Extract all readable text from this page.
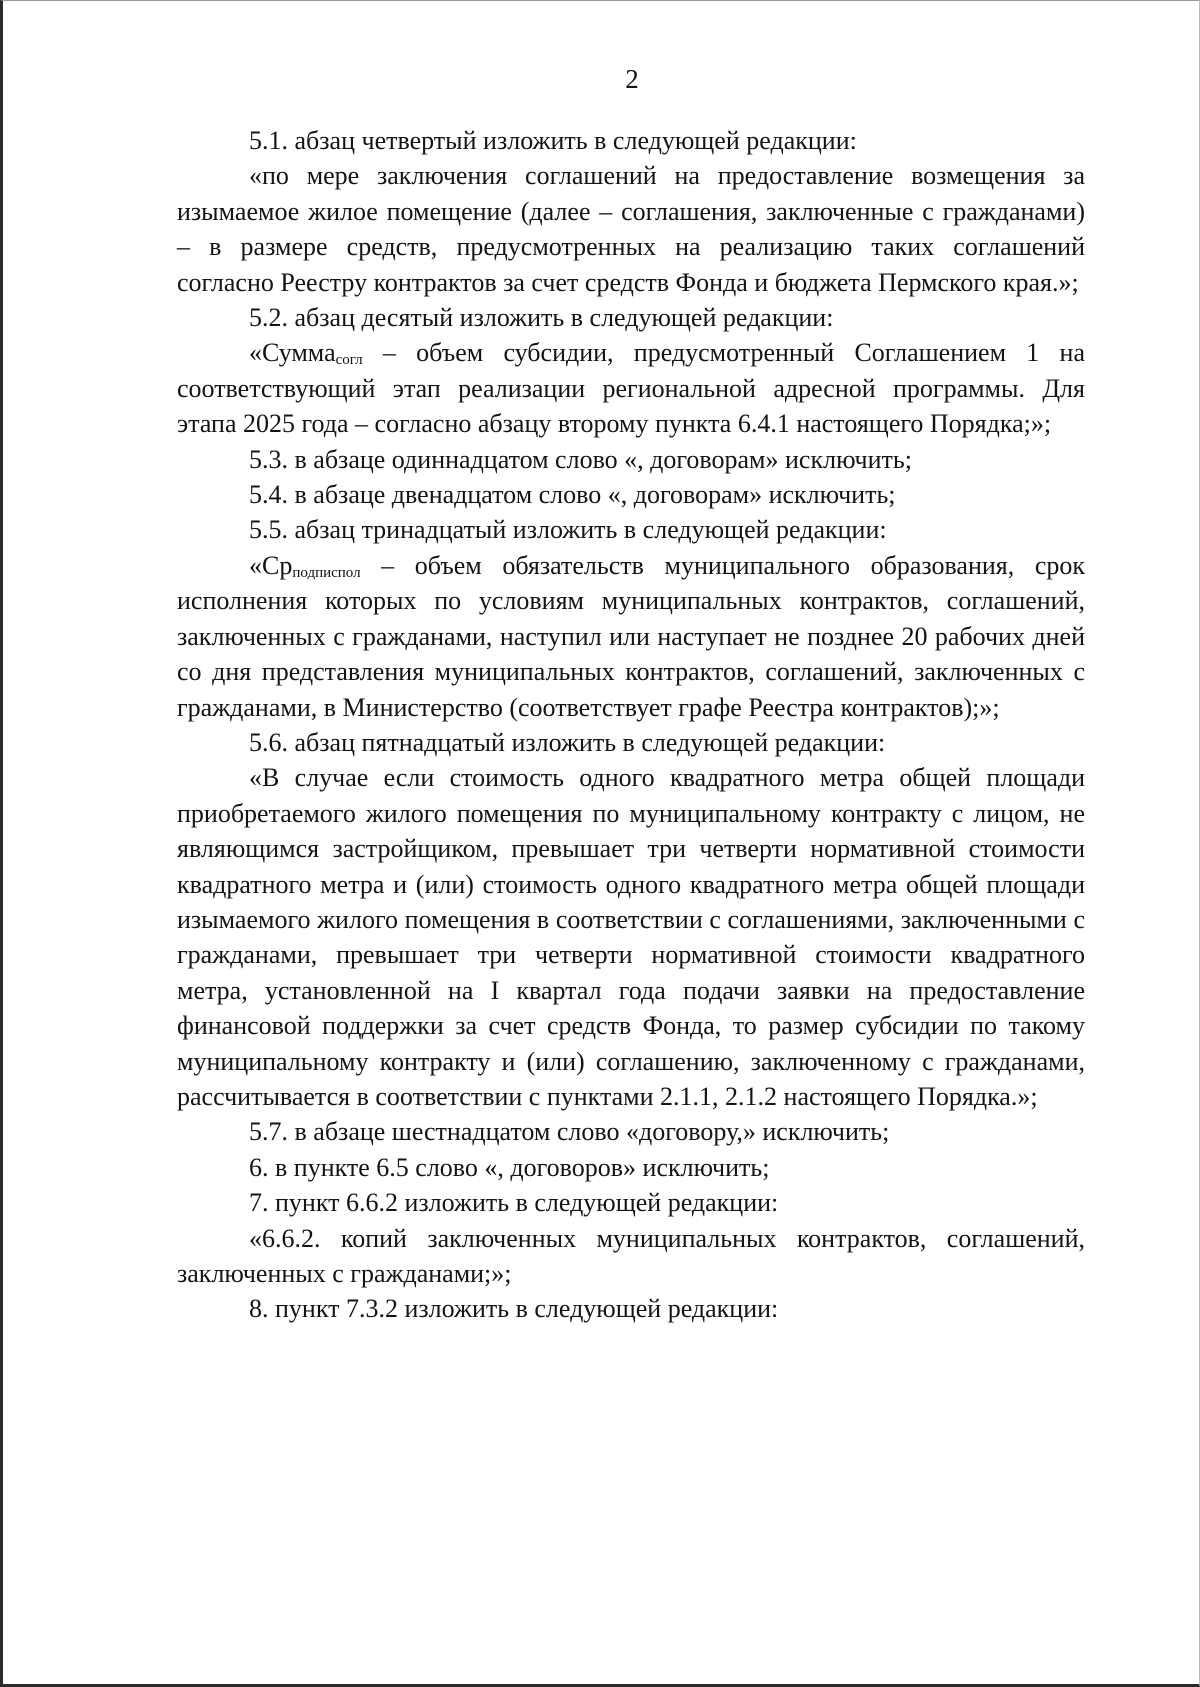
2

5.1. абзац четвертый изложить в следующей редакции:

«по мере заключения соглашений на предоставление возмещения за изымаемое жилое помещение (далее – соглашения, заключенные с гражданами) – в размере средств, предусмотренных на реализацию таких соглашений согласно Реестру контрактов за счет средств Фонда и бюджета Пермского края.»;

5.2. абзац десятый изложить в следующей редакции:

«Сумма$_{согл}$ – объем субсидии, предусмотренный Соглашением 1 на соответствующий этап реализации региональной адресной программы. Для этапа 2025 года – согласно абзацу второму пункта 6.4.1 настоящего Порядка;»;

5.3. в абзаце одиннадцатом слово «, договорам» исключить;

5.4. в абзаце двенадцатом слово «, договорам» исключить;

5.5. абзац тринадцатый изложить в следующей редакции:

«$Ср_{подписпол}$ – объем обязательств муниципального образования, срок исполнения которых по условиям муниципальных контрактов, соглашений, заключенных с гражданами, наступил или наступает не позднее 20 рабочих дней со дня представления муниципальных контрактов, соглашений, заключенных с гражданами, в Министерство (соответствует графе Реестра контрактов);»;

5.6. абзац пятнадцатый изложить в следующей редакции:

«В случае если стоимость одного квадратного метра общей площади приобретаемого жилого помещения по муниципальному контракту с лицом, не являющимся застройщиком, превышает три четверти нормативной стоимости квадратного метра и (или) стоимость одного квадратного метра общей площади изымаемого жилого помещения в соответствии с соглашениями, заключенными с гражданами, превышает три четверти нормативной стоимости квадратного метра, установленной на I квартал года подачи заявки на предоставление финансовой поддержки за счет средств Фонда, то размер субсидии по такому муниципальному контракту и (или) соглашению, заключенному с гражданами, рассчитывается в соответствии с пунктами 2.1.1, 2.1.2 настоящего Порядка.»;

5.7. в абзаце шестнадцатом слово «договору,» исключить;

6. в пункте 6.5 слово «, договоров» исключить;

7. пункт 6.6.2 изложить в следующей редакции:

«6.6.2. копий заключенных муниципальных контрактов, соглашений, заключенных с гражданами;»;

8. пункт 7.3.2 изложить в следующей редакции:
